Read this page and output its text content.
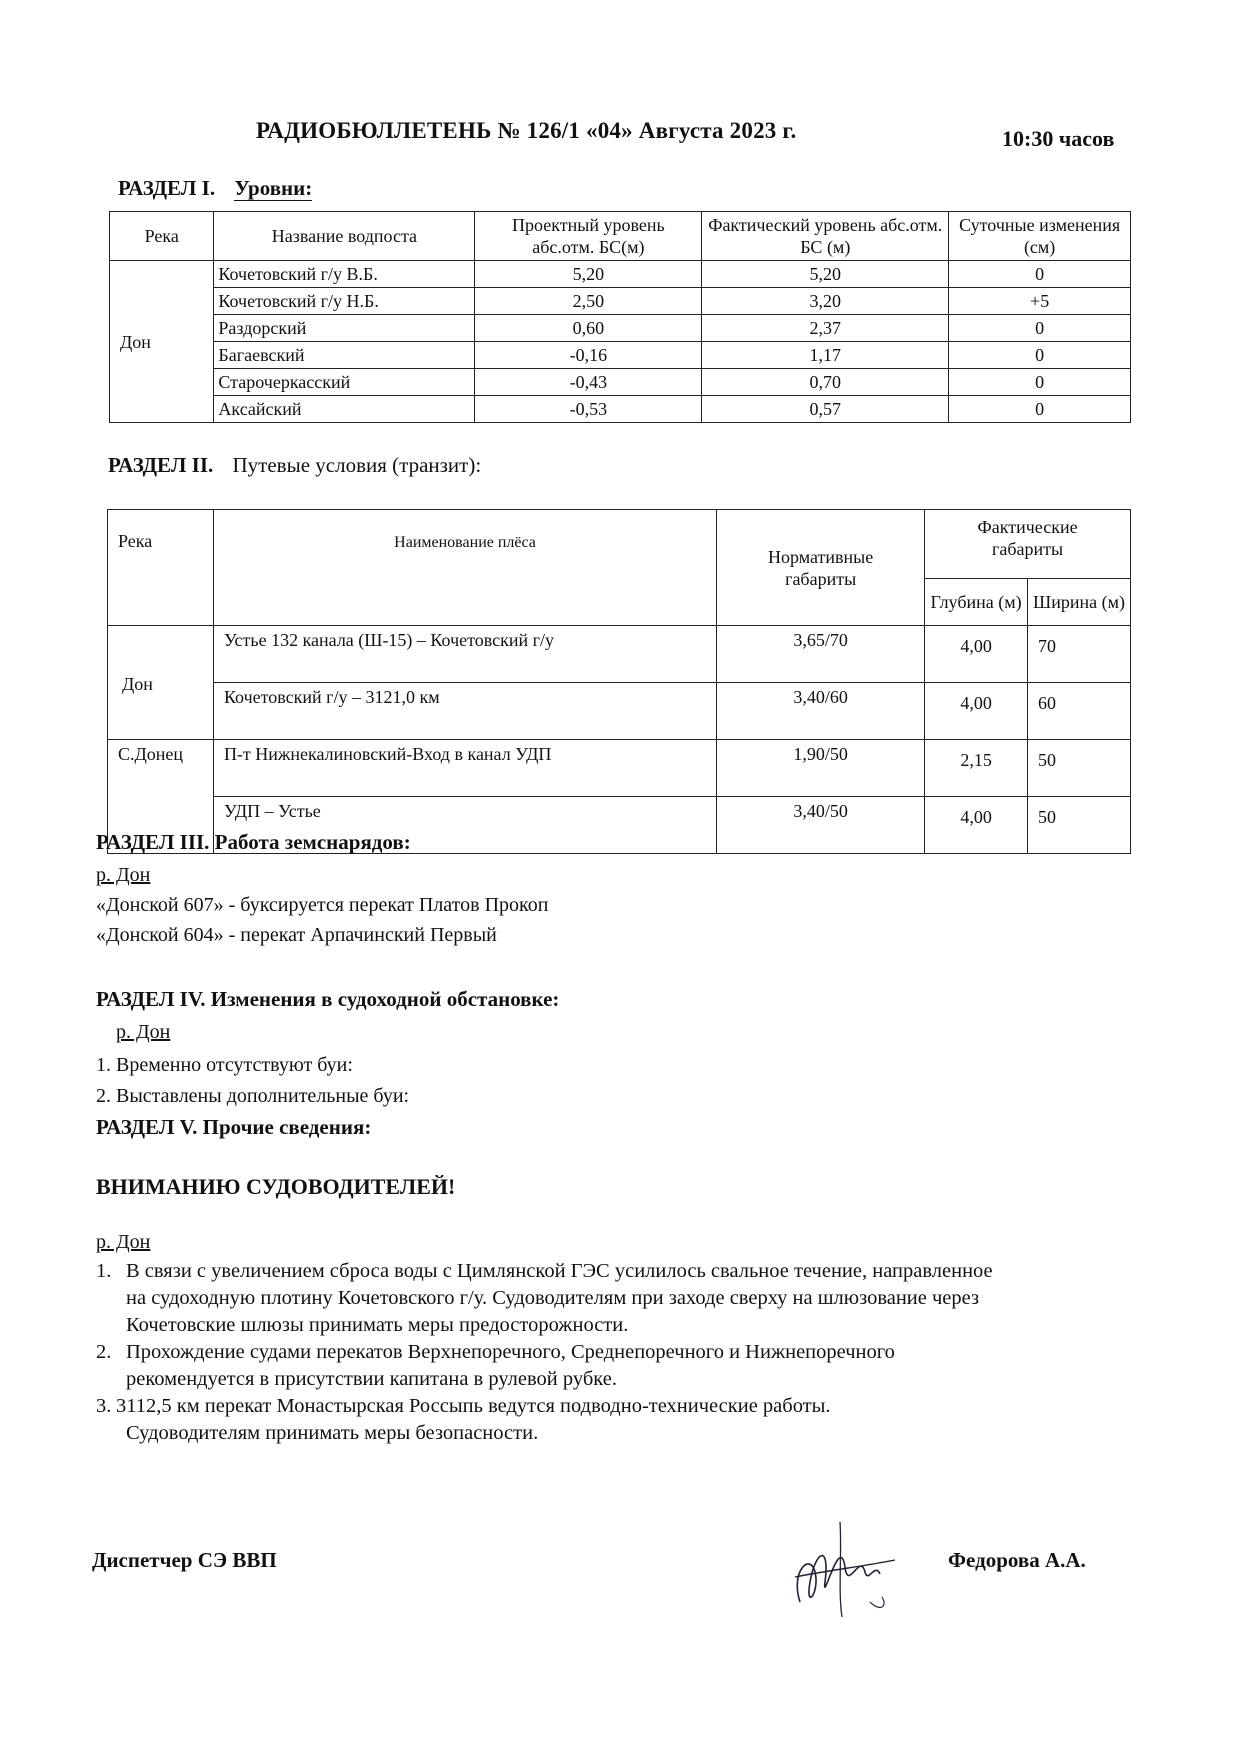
РАДИОБЮЛЛЕТЕНЬ № 126/1 «04» Августа 2023 г.	10:30 часов
РАЗДЕЛ I. Уровни:
Река	Название водпоста	Проектный уровень абс.отм. БС(м)	Фактический уровень абс.отм. БС (м)	Суточные изменения (см)
Дон	Кочетовский г/у В.Б.	5,20	5,20	0
	Кочетовский г/у Н.Б.	2,50	3,20	+5
	Раздорский	0,60	2,37	0
	Багаевский	-0,16	1,17	0
	Старочеркасский	-0,43	0,70	0
	Аксайский	-0,53	0,57	0
РАЗДЕЛ II. Путевые условия (транзит):
Река	Наименование плёса	Нормативные габариты	Фактические габариты	
			Глубина (м)	Ширина (м)
Дон	Устье 132 канала (Ш-15) – Кочетовский г/у	3,65/70	4,00	70
	Кочетовский г/у – 3121,0 км	3,40/60	4,00	60
С.Донец	П-т Нижнекалиновский-Вход в канал УДП	1,90/50	2,15	50
	УДП – Устье	3,40/50	4,00	50
РАЗДЕЛ III. Работа земснарядов:
р. Дон
«Донской 607» - буксируется перекат Платов Прокоп
«Донской 604» - перекат Арпачинский Первый
РАЗДЕЛ IV. Изменения в судоходной обстановке:
р. Дон
1. Временно отсутствуют буи:
2. Выставлены дополнительные буи:
РАЗДЕЛ V. Прочие сведения:
ВНИМАНИЮ СУДОВОДИТЕЛЕЙ!
р. Дон
1. В связи с увеличением сброса воды с Цимлянской ГЭС усилилось свальное течение, направленное
на судоходную плотину Кочетовского г/у. Судоводителям при заходе сверху на шлюзование через
Кочетовские шлюзы принимать меры предосторожности.
2. Прохождение судами перекатов Верхнепоречного, Среднепоречного и Нижнепоречного
рекомендуется в присутствии капитана в рулевой рубке.
3. 3112,5 км перекат Монастырская Россыпь ведутся подводно-технические работы.
Судоводителям принимать меры безопасности.
Диспетчер СЭ ВВП	Федорова А.А.
